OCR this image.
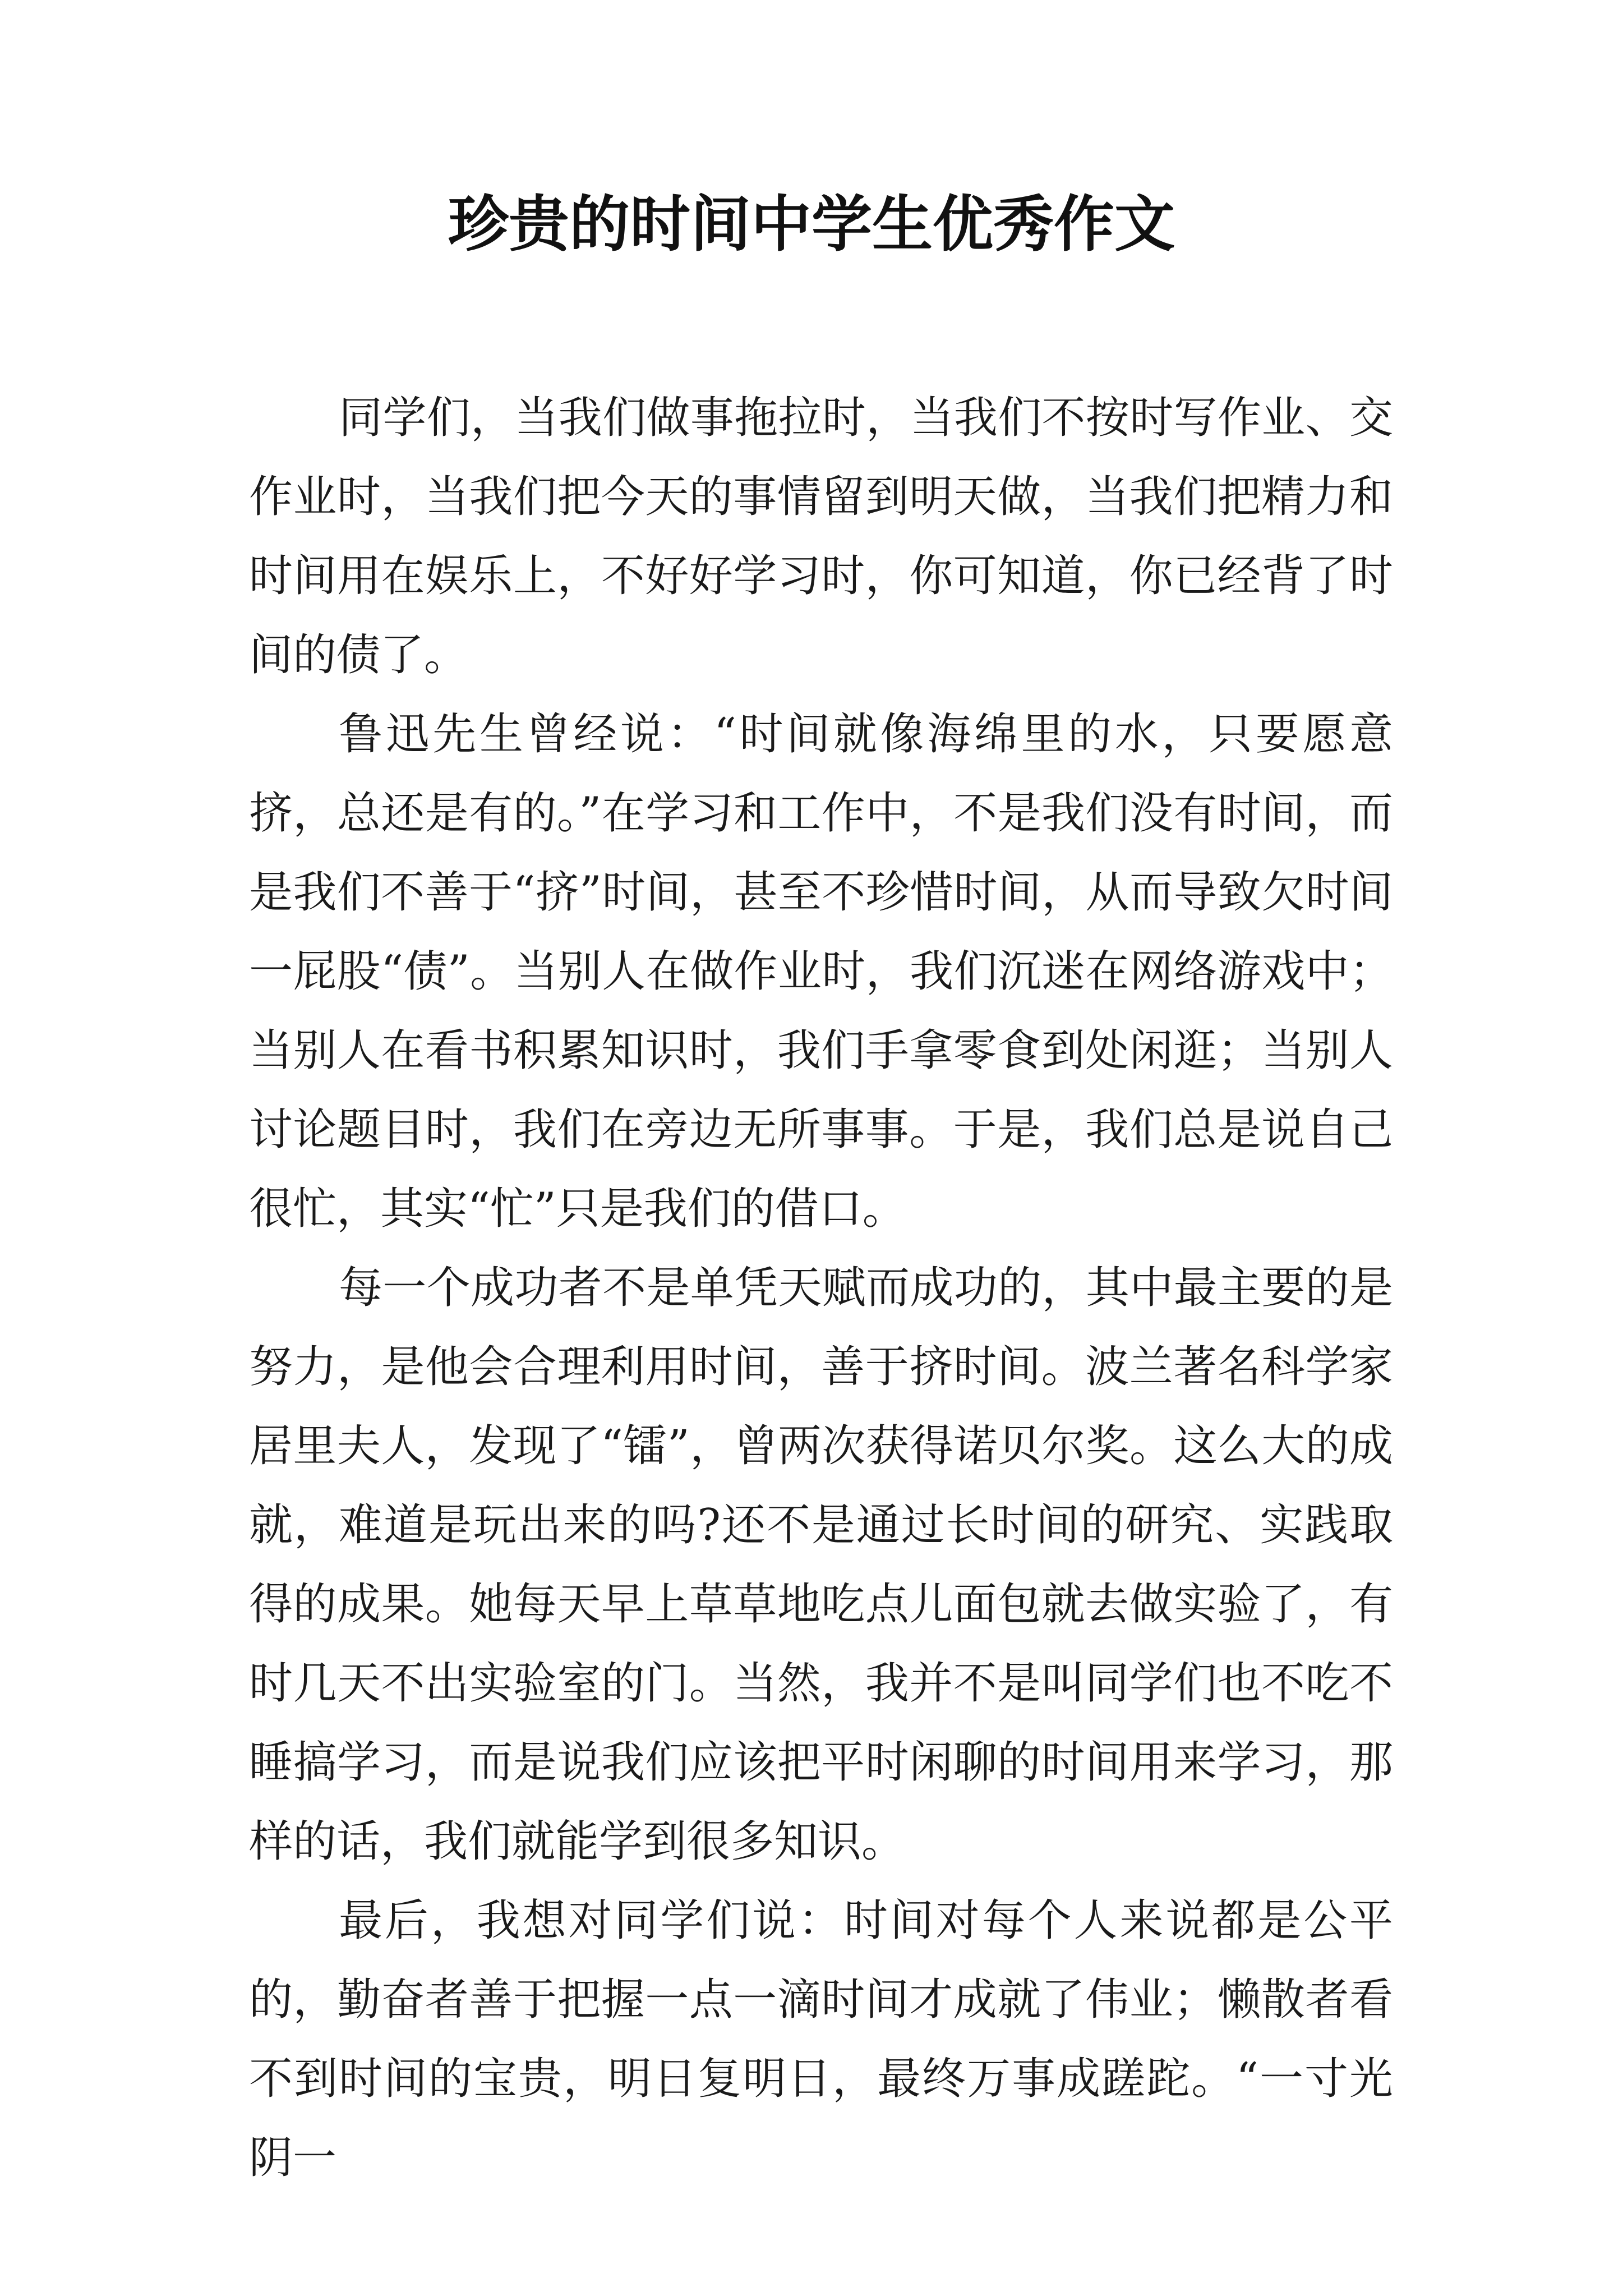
珍贵的时间中学生优秀作文

同学们，当我们做事拖拉时，当我们不按时写作业、交作业时，当我们把今天的事情留到明天做，当我们把精力和时间用在娱乐上，不好好学习时，你可知道，你已经背了时间的债了。

鲁迅先生曾经说：“时间就像海绵里的水，只要愿意挤，总还是有的。”在学习和工作中，不是我们没有时间，而是我们不善于“挤”时间，甚至不珍惜时间，从而导致欠时间一屁股“债”。当别人在做作业时，我们沉迷在网络游戏中；当别人在看书积累知识时，我们手拿零食到处闲逛；当别人讨论题目时，我们在旁边无所事事。于是，我们总是说自己很忙，其实“忙”只是我们的借口。

每一个成功者不是单凭天赋而成功的，其中最主要的是努力，是他会合理利用时间，善于挤时间。波兰著名科学家居里夫人，发现了“镭”，曾两次获得诺贝尔奖。这么大的成就，难道是玩出来的吗?还不是通过长时间的研究、实践取得的成果。她每天早上草草地吃点儿面包就去做实验了，有时几天不出实验室的门。当然，我并不是叫同学们也不吃不睡搞学习，而是说我们应该把平时闲聊的时间用来学习，那样的话，我们就能学到很多知识。

最后，我想对同学们说：时间对每个人来说都是公平的，勤奋者善于把握一点一滴时间才成就了伟业；懒散者看不到时间的宝贵，明日复明日，最终万事成蹉跎。“一寸光阴一
